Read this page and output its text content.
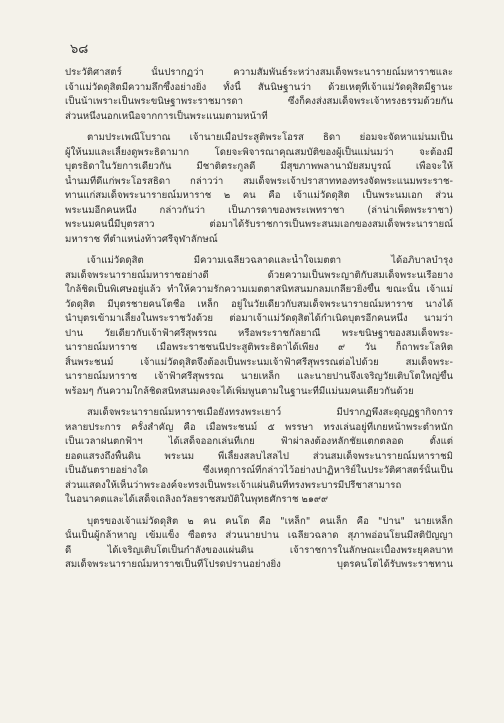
๖๘
ประวัติศาสตร์ นั้นปรากฏว่า ความสัมพันธ์ระหว่างสมเด็จพระนารายณ์มหาราชและ
เจ้าแม่วัดดุสิตมีความลึกซึ้งอย่างยิ่ง ทั้งนี้ สันนิษฐานว่า ด้วยเหตุที่เจ้าแม่วัดดุสิตมีฐานะ
เป็นน้าเพราะเป็นพระขนิษฐาพระราชมารดา ซึ่งก็คงส่งสมเด็จพระเจ้าทรงธรรมด้วยกัน
ส่วนหนึ่งนอกเหนือจากการเป็นพระแนมตามหน้าที่
ตามประเพณีโบราณ เจ้านายเมื่อประสูติพระโอรส ธิดา ย่อมจะจัดหาแม่นมเป็น
ผู้ให้นมและเลี้ยงดูพระธิดามาก โดยจะพิจารณาคุณสมบัติของผู้เป็นแม่นมว่า จะต้องมี
บุตรธิดาในวัยการเดียวกัน มีชาติตระกูลดี มีสุขภาพพลานามัยสมบูรณ์ เพื่อจะให้
น้ำนมที่ดีแก่พระโอรสธิดา กล่าวว่า สมเด็จพระเจ้าปราสาททองทรงจัดพระแนมพระราช-
ทานแก่สมเด็จพระนารายณ์มหาราช ๒ คน คือ เจ้าแม่วัดดุสิต เป็นพระนมเอก ส่วน
พระนมอีกคนหนึ่ง กล่าวกันว่า เป็นภารดาของพระเพทราชา (ล่าน่าเพ็ดพระราชา)
พระนมคนนี้มีบุตรสาว ต่อมาได้รับราชการเป็นพระสนมเอกของสมเด็จพระนารายณ์
มหาราช ที่ตำแหน่งท้าวศรีจุฬาลักษณ์
เจ้าแม่วัดดุสิต มีความเฉลียวฉลาดและน้ำใจเมตตา ได้อภิบาลบำรุง
สมเด็จพระนารายณ์มหาราชอย่างดี ด้วยความเป็นพระญาติกับสมเด็จพระนเรือยาง
ใกล้ชิดเป็นพิเศษอยู่แล้ว ทำให้ความรักความเมตตาสนิทสนมกลมเกลียวยิ่งขึ้น ขณะนั้น เจ้าแม่
วัดดุสิต มีบุตรชายคนโตชื่อ เหล็ก อยู่ในวัยเดียวกับสมเด็จพระนารายณ์มหาราช นางได้
นำบุตรเข้ามาเลี้ยงในพระราชวังด้วย ต่อมาเจ้าแม่วัดดุสิตได้กำเนิดบุตรอีกคนหนึ่ง นามว่า
ปาน วัยเดียวกับเจ้าฟ้าศรีสุพรรณ หรือพระราชกัลยาณี พระขนิษฐาของสมเด็จพระ-
นารายณ์มหาราช เมื่อพระราชชนนีประสูติพระธิดาได้เพียง ๙ วัน ก็ถาพระโลหิต
สิ้นพระชนม์ เจ้าแม่วัดดุสิตจึงต้องเป็นพระนมเจ้าฟ้าศรีสุพรรณต่อไปด้วย สมเด็จพระ-
นารายณ์มหาราช เจ้าฟ้าศรีสุพรรณ นายเหล็ก และนายปานจึงเจริญวัยเติบโตใหญ่ขึ้น
พร้อมๆ กันความใกล้ชิดสนิทสนมคงจะได้เพิ่มพูนตามในฐานะที่มีแม่นมคนเดียวกันด้วย
สมเด็จพระนารายณ์มหาราชเมื่อยังทรงพระเยาว์ มีปรากฏพึงสะดุญฏฐากิจการ
หลายประการ ครั้งสำคัญ คือ เมื่อพระชนม์ ๕ พรรษา ทรงเล่นอยู่ที่เกยหน้าพระตำหนัก
เป็นเวลาฝนตกฟ้าฯ ได้เสด็จออกเล่นที่เกย ฟ้าผ่าลงต้องหลักชัยแตกตลอด ตั้งแต่
ยอดแสรงถึงพื้นดิน พระนม พี่เลี้ยงสลบไสลไป ส่วนสมเด็จพระนารายณ์มหาราชมิ
เป็นอันตรายอย่างใด ซึ่งเหตุการณ์ที่กล่าวไว้อย่างปาฏิหาริย์ในประวัติศาสตร์นั้นเป็น
ส่วนแสดงให้เห็นว่าพระองค์จะทรงเป็นพระเจ้าแผ่นดินที่ทรงพระบารมีปรีชาสามารถ
ในอนาคตและได้เสด็จเถลิงถวัลยราชสมบัติในพุทธศักราช ๒๑๙๙
บุตรของเจ้าแม่วัดดุสิต ๒ คน คนโต คือ "เหล็ก" คนเล็ก คือ "ปาน" นายเหล็ก
นั้นเป็นผู้กล้าหาญ เข้มแข็ง ซื่อตรง ส่วนนายปาน เฉลียวฉลาด สุภาพอ่อนโยนมีสติปัญญา
ดี ได้เจริญเติบโตเป็นกำลังของแผ่นดิน เจ้าราชการในลักษณะเบื้องพระยุคลบาท
สมเด็จพระนารายณ์มหาราชเป็นที่โปรดปรานอย่างยิ่ง บุตรคนโตได้รับพระราชทาน
